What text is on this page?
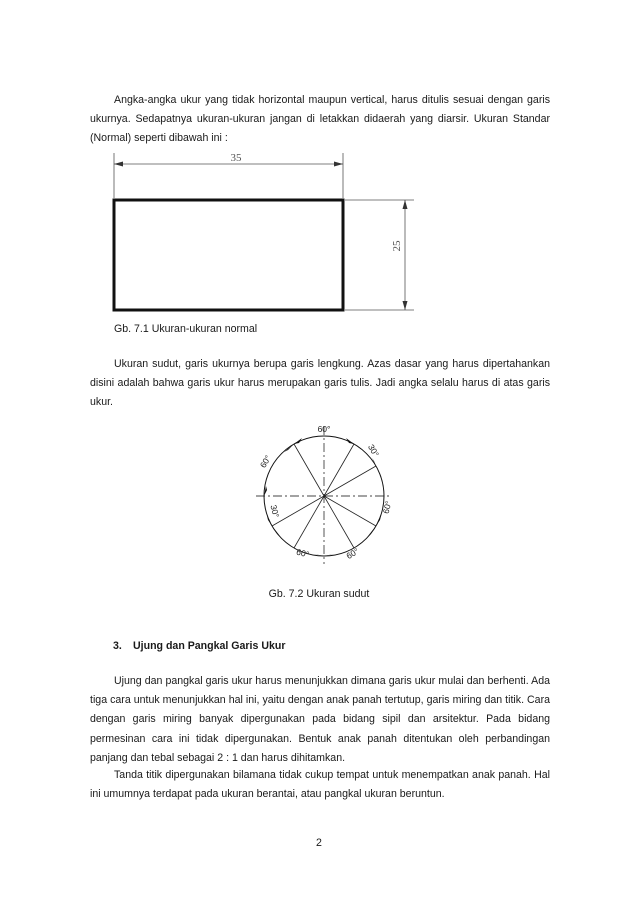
Angka-angka ukur yang tidak horizontal maupun vertical, harus ditulis sesuai dengan garis ukurnya. Sedapatnya ukuran-ukuran jangan di letakkan didaerah yang diarsir. Ukuran Standar (Normal) seperti dibawah ini :

35
25

Gb. 7.1 Ukuran-ukuran normal

Ukuran sudut, garis ukurnya berupa garis lengkung. Azas dasar yang harus dipertahankan disini adalah bahwa garis ukur harus merupakan garis tulis. Jadi angka selalu harus di atas garis ukur.

60°
30°
60°
60°
30°
60°	60°

Gb. 7.2 Ukuran sudut

3. Ujung dan Pangkal Garis Ukur

Ujung dan pangkal garis ukur harus menunjukkan dimana garis ukur mulai dan berhenti. Ada tiga cara untuk menunjukkan hal ini, yaitu dengan anak panah tertutup, garis miring dan titik. Cara dengan garis miring banyak dipergunakan pada bidang sipil dan arsitektur. Pada bidang permesinan cara ini tidak dipergunakan. Bentuk anak panah ditentukan oleh perbandingan panjang dan tebal sebagai 2 : 1 dan harus dihitamkan.

Tanda titik dipergunakan bilamana tidak cukup tempat untuk menempatkan anak panah. Hal ini umumnya terdapat pada ukuran berantai, atau pangkal ukuran beruntun.

2
